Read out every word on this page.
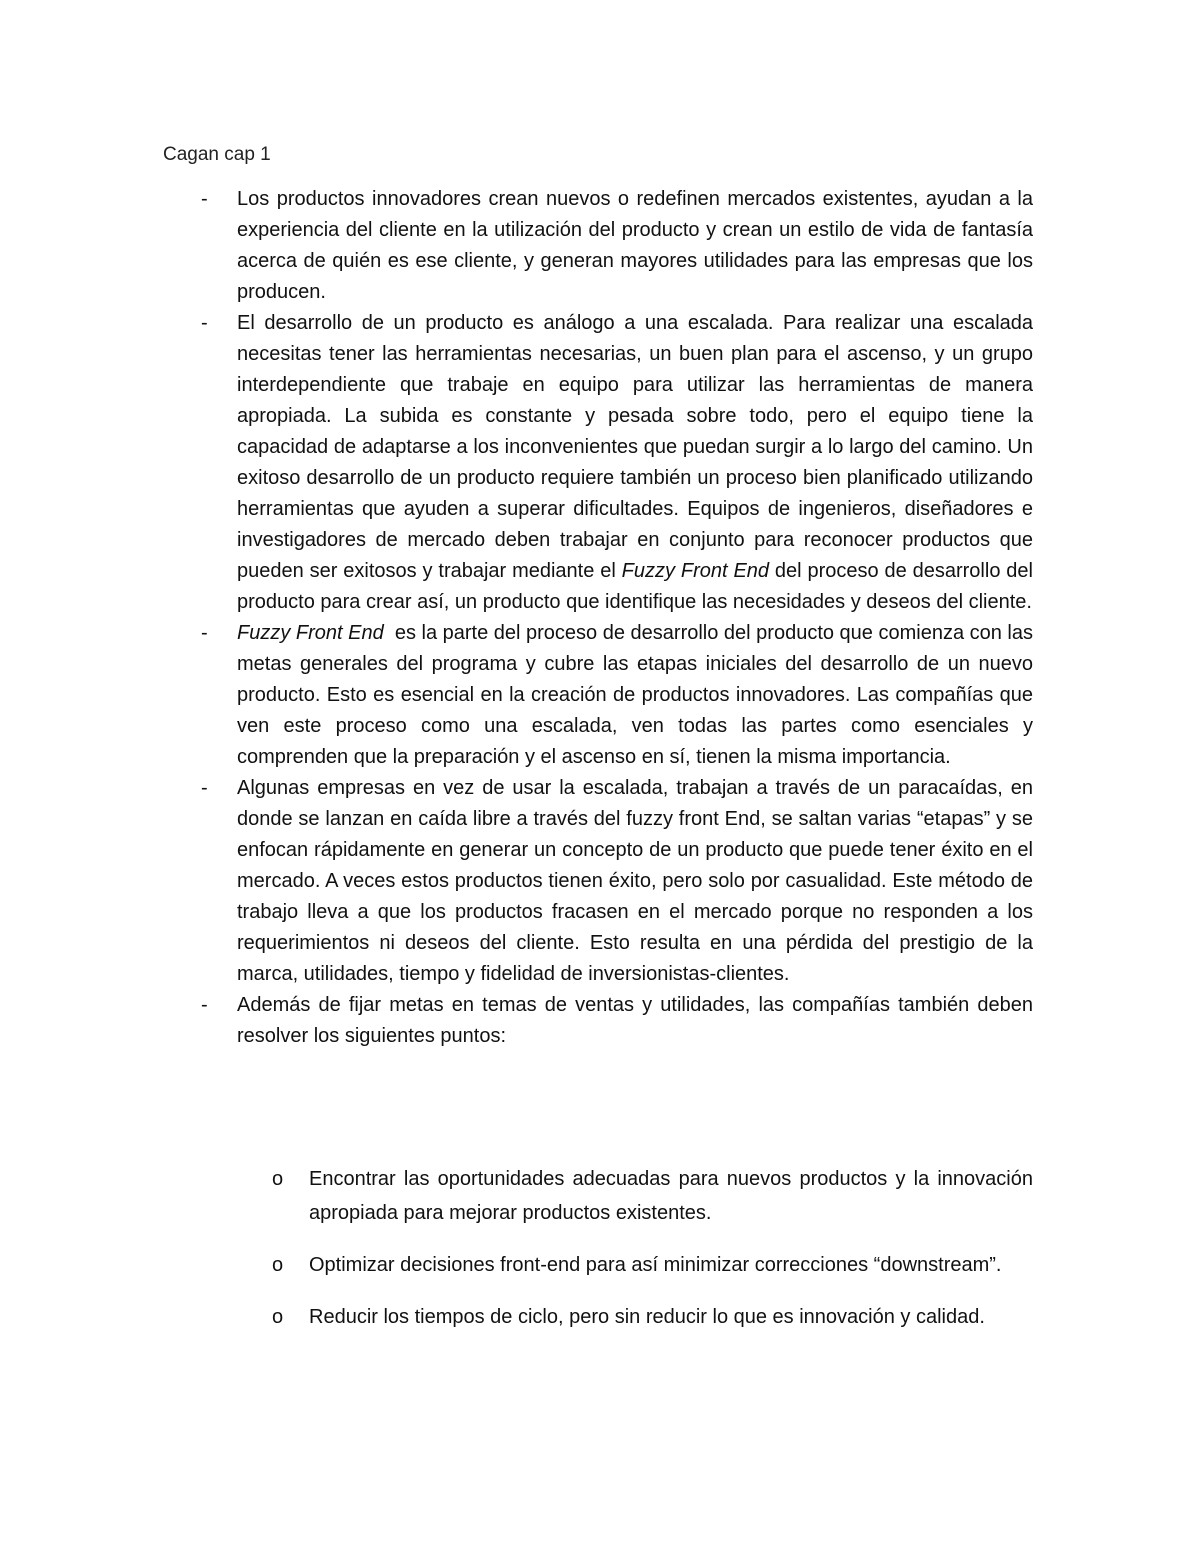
Cagan cap 1
-	Los productos innovadores crean nuevos o redefinen mercados existentes, ayudan a la experiencia del cliente en la utilización del producto y crean un estilo de vida de fantasía acerca de quién es ese cliente, y generan mayores utilidades para las empresas que los producen.
-	El desarrollo de un producto es análogo a una escalada. Para realizar una escalada necesitas tener las herramientas necesarias, un buen plan para el ascenso, y un grupo interdependiente que trabaje en equipo para utilizar las herramientas de manera apropiada. La subida es constante y pesada sobre todo, pero el equipo tiene la capacidad de adaptarse a los inconvenientes que puedan surgir a lo largo del camino. Un exitoso desarrollo de un producto requiere también un proceso bien planificado utilizando herramientas que ayuden a superar dificultades. Equipos de ingenieros, diseñadores e investigadores de mercado deben trabajar en conjunto para reconocer productos que pueden ser exitosos y trabajar mediante el Fuzzy Front End del proceso de desarrollo del producto para crear así, un producto que identifique las necesidades y deseos del cliente.
-	Fuzzy Front End  es la parte del proceso de desarrollo del producto que comienza con las metas generales del programa y cubre las etapas iniciales del desarrollo de un nuevo producto. Esto es esencial en la creación de productos innovadores. Las compañías que ven este proceso como una escalada, ven todas las partes como esenciales y comprenden que la preparación y el ascenso en sí, tienen la misma importancia.
-	Algunas empresas en vez de usar la escalada, trabajan a través de un paracaídas, en donde se lanzan en caída libre a través del fuzzy front End, se saltan varias “etapas” y se enfocan rápidamente en generar un concepto de un producto que puede tener éxito en el mercado. A veces estos productos tienen éxito, pero solo por casualidad. Este método de trabajo lleva a que los productos fracasen en el mercado porque no responden a los requerimientos ni deseos del cliente. Esto resulta en una pérdida del prestigio de la marca, utilidades, tiempo y fidelidad de inversionistas-clientes.
-	Además de fijar metas en temas de ventas y utilidades, las compañías también deben resolver los siguientes puntos:
o Encontrar las oportunidades adecuadas para nuevos productos y la innovación apropiada para mejorar productos existentes.
o Optimizar decisiones front-end para así minimizar correcciones “downstream”.
o Reducir los tiempos de ciclo, pero sin reducir lo que es innovación y calidad.
